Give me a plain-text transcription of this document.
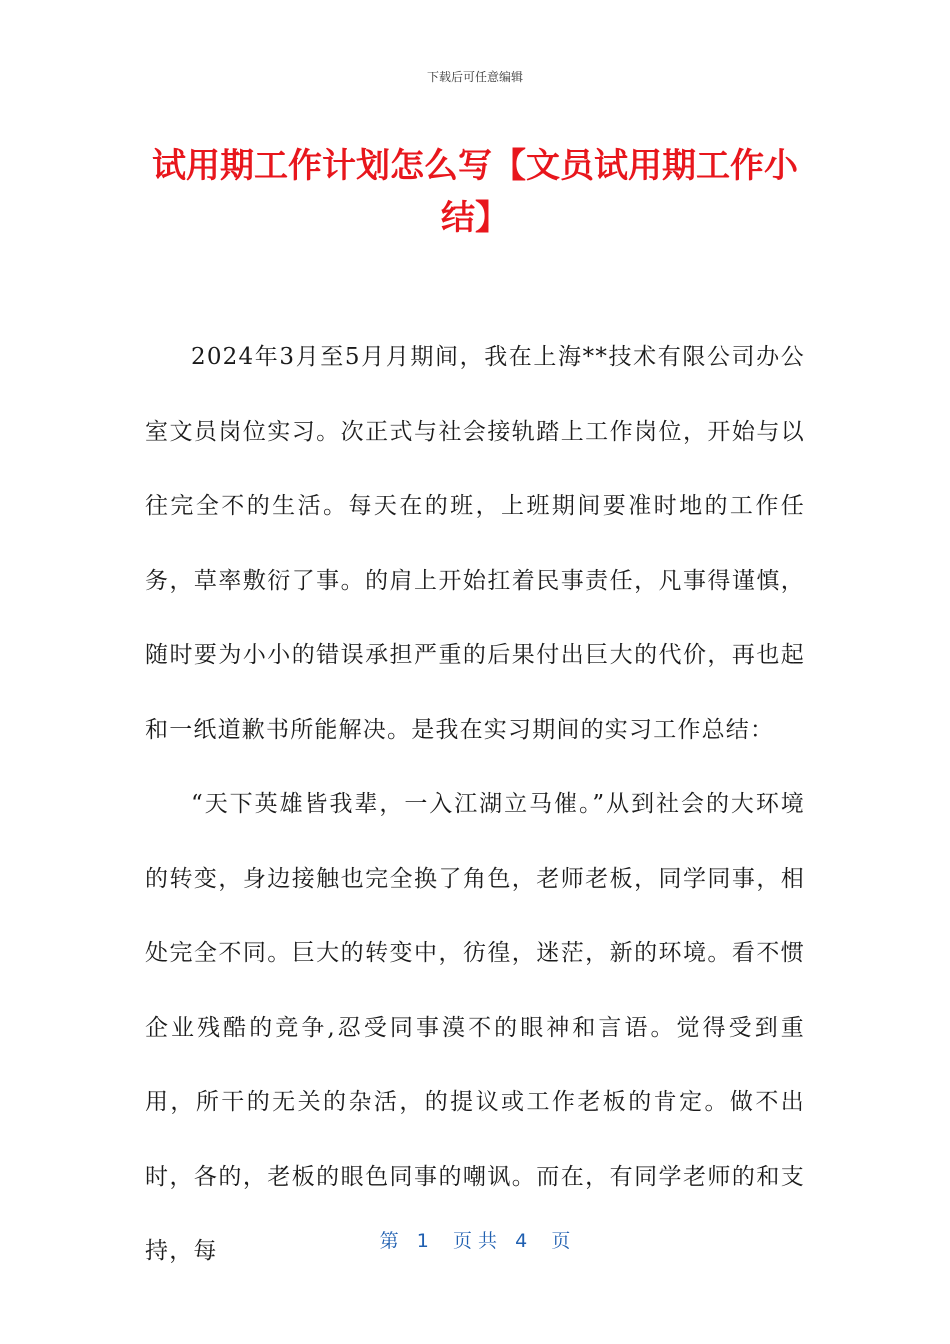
下载后可任意编辑
试用期工作计划怎么写【文员试用期工作小结】

2024年3月至5月月期间，我在上海**技术有限公司办公室文员岗位实习。次正式与社会接轨踏上工作岗位，开始与以往完全不的生活。每天在的班，上班期间要准时地的工作任务，草率敷衍了事。的肩上开始扛着民事责任，凡事得谨慎，随时要为小小的错误承担严重的后果付出巨大的代价，再也起和一纸道歉书所能解决。是我在实习期间的实习工作总结：

“天下英雄皆我辈，一入江湖立马催。”从到社会的大环境的转变，身边接触也完全换了角色，老师老板，同学同事，相处完全不同。巨大的转变中，彷徨，迷茫，新的环境。看不惯企业残酷的竞争,忍受同事漠不的眼神和言语。觉得受到重用，所干的无关的杂活，的提议或工作老板的肯定。做不出时，各的，老板的眼色同事的嘲讽。而在，有同学老师的和支持，每	第   1    页 共   4    页
